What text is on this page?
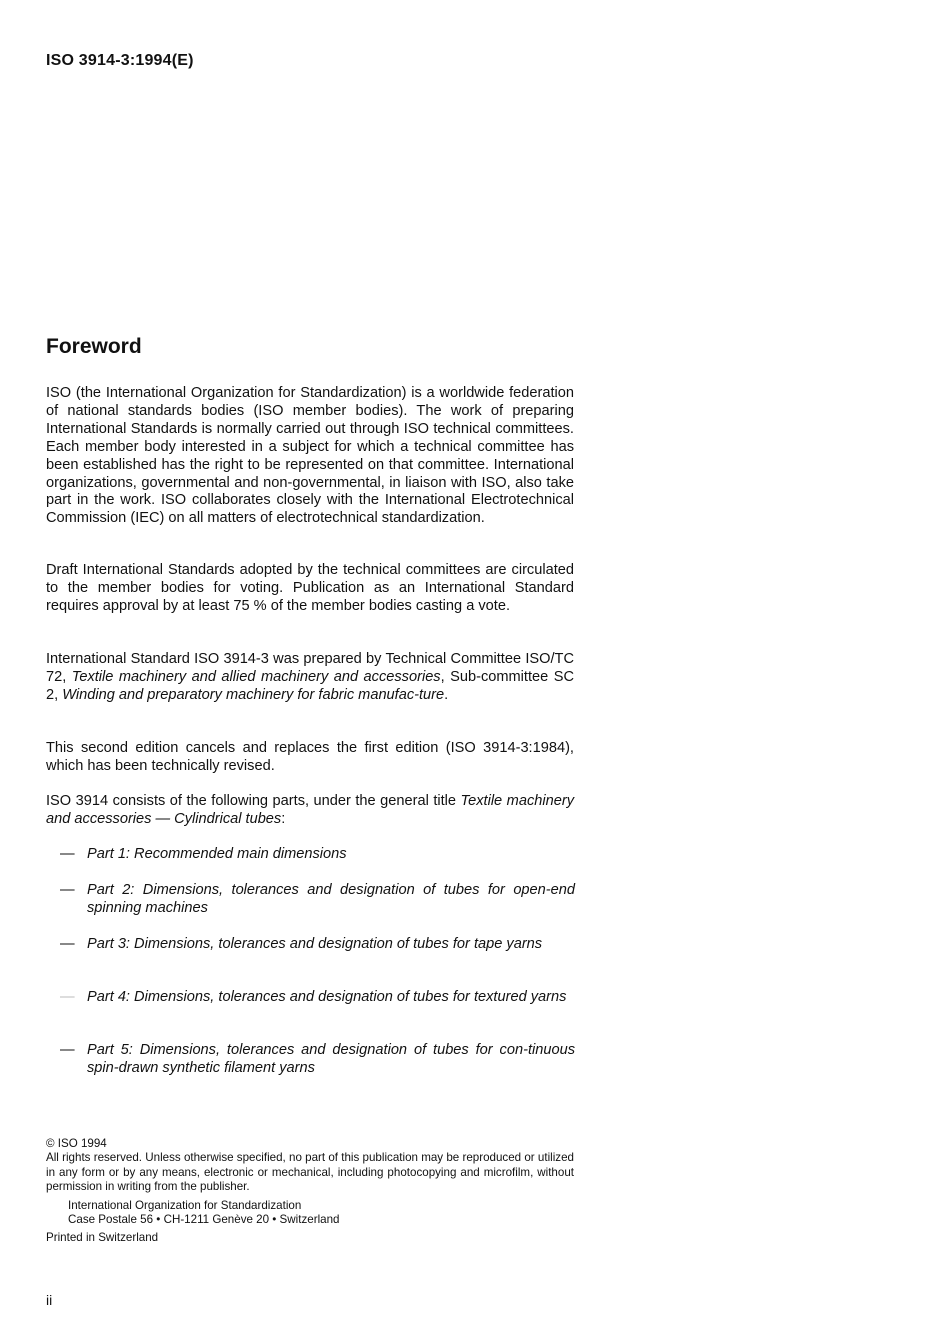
ISO 3914-3:1994(E)
Foreword

ISO (the International Organization for Standardization) is a worldwide federation of national standards bodies (ISO member bodies). The work of preparing International Standards is normally carried out through ISO technical committees. Each member body interested in a subject for which a technical committee has been established has the right to be represented on that committee. International organizations, governmental and non-governmental, in liaison with ISO, also take part in the work. ISO collaborates closely with the International Electrotechnical Commission (IEC) on all matters of electrotechnical standardization.

Draft International Standards adopted by the technical committees are circulated to the member bodies for voting. Publication as an International Standard requires approval by at least 75 % of the member bodies casting a vote.

International Standard ISO 3914-3 was prepared by Technical Committee ISO/TC 72, Textile machinery and allied machinery and accessories, Sub-committee SC 2, Winding and preparatory machinery for fabric manufac-ture.

This second edition cancels and replaces the first edition (ISO 3914-3:1984), which has been technically revised.

ISO 3914 consists of the following parts, under the general title Textile machinery and accessories — Cylindrical tubes:

— Part 1: Recommended main dimensions
— Part 2: Dimensions, tolerances and designation of tubes for open-end spinning machines
— Part 3: Dimensions, tolerances and designation of tubes for tape yarns
— Part 4: Dimensions, tolerances and designation of tubes for textured yarns
— Part 5: Dimensions, tolerances and designation of tubes for con-tinuous spin-drawn synthetic filament yarns
© ISO 1994
All rights reserved. Unless otherwise specified, no part of this publication may be reproduced or utilized in any form or by any means, electronic or mechanical, including photocopying and microfilm, without permission in writing from the publisher.
International Organization for Standardization
Case Postale 56 • CH-1211 Genève 20 • Switzerland
Printed in Switzerland
ii
